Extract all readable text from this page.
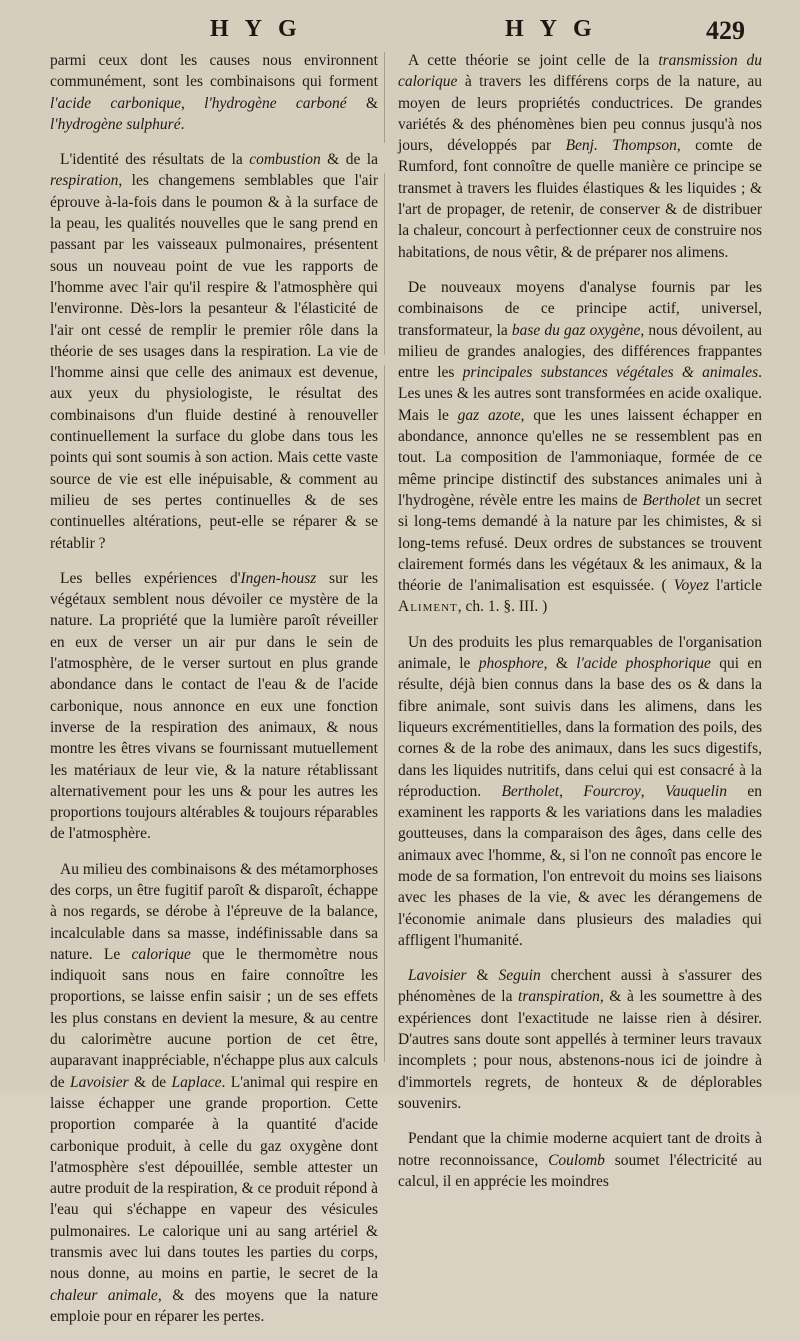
HYG	HYG	429

parmi ceux dont les causes nous environnent communément, sont les combinaisons qui forment l'acide carbonique, l'hydrogène carboné & l'hydrogène sulphuré.

L'identité des résultats de la combustion & de la respiration, les changemens semblables que l'air éprouve à-la-fois dans le poumon & à la surface de la peau, les qualités nouvelles que le sang prend en passant par les vaisseaux pulmonaires, présentent sous un nouveau point de vue les rapports de l'homme avec l'air qu'il respire & l'atmosphère qui l'environne. Dès-lors la pesanteur & l'élasticité de l'air ont cessé de remplir le premier rôle dans la théorie de ses usages dans la respiration. La vie de l'homme ainsi que celle des animaux est devenue, aux yeux du physiologiste, le résultat des combinaisons d'un fluide destiné à renouveller continuellement la surface du globe dans tous les points qui sont soumis à son action. Mais cette vaste source de vie est elle inépuisable, & comment au milieu de ses pertes continuelles & de ses continuelles altérations, peut-elle se réparer & se rétablir ?

Les belles expériences d'Ingen-housz sur les végétaux semblent nous dévoiler ce mystère de la nature. La propriété que la lumière paroît réveiller en eux de verser un air pur dans le sein de l'atmosphère, de le verser surtout en plus grande abondance dans le contact de l'eau & de l'acide carbonique, nous annonce en eux une fonction inverse de la respiration des animaux, & nous montre les êtres vivans se fournissant mutuellement les matériaux de leur vie, & la nature rétablissant alternativement pour les uns & pour les autres les proportions toujours altérables & toujours réparables de l'atmosphère.

Au milieu des combinaisons & des métamorphoses des corps, un être fugitif paroît & disparoît, échappe à nos regards, se dérobe à l'épreuve de la balance, incalculable dans sa masse, indéfinissable dans sa nature. Le calorique que le thermomètre nous indiquoit sans nous en faire connoître les proportions, se laisse enfin saisir ; un de ses effets les plus constans en devient la mesure, & au centre du calorimètre aucune portion de cet être, auparavant inappréciable, n'échappe plus aux calculs de Lavoisier & de Laplace. L'animal qui respire en laisse échapper une grande proportion. Cette proportion comparée à la quantité d'acide carbonique produit, à celle du gaz oxygène dont l'atmosphère s'est dépouillée, semble attester un autre produit de la respiration, & ce produit répond à l'eau qui s'échappe en vapeur des vésicules pulmonaires. Le calorique uni au sang artériel & transmis avec lui dans toutes les parties du corps, nous donne, au moins en partie, le secret de la chaleur animale, & des moyens que la nature emploie pour en réparer les pertes.

A cette théorie se joint celle de la transmission du calorique à travers les différens corps de la nature, au moyen de leurs propriétés conductrices. De grandes variétés & des phénomènes bien peu connus jusqu'à nos jours, développés par Benj. Thompson, comte de Rumford, font connoître de quelle manière ce principe se transmet à travers les fluides élastiques & les liquides ; & l'art de propager, de retenir, de conserver & de distribuer la chaleur, concourt à perfectionner ceux de construire nos habitations, de nous vêtir, & de préparer nos alimens.

De nouveaux moyens d'analyse fournis par les combinaisons de ce principe actif, universel, transformateur, la base du gaz oxygène, nous dévoilent, au milieu de grandes analogies, des différences frappantes entre les principales substances végétales & animales. Les unes & les autres sont transformées en acide oxalique. Mais le gaz azote, que les unes laissent échapper en abondance, annonce qu'elles ne se ressemblent pas en tout. La composition de l'ammoniaque, formée de ce même principe distinctif des substances animales uni à l'hydrogène, révèle entre les mains de Bertholet un secret si long-tems demandé à la nature par les chimistes, & si long-tems refusé. Deux ordres de substances se trouvent clairement formés dans les végétaux & les animaux, & la théorie de l'animalisation est esquissée. ( Voyez l'article Aliment, ch. 1. §. III. )

Un des produits les plus remarquables de l'organisation animale, le phosphore, & l'acide phosphorique qui en résulte, déjà bien connus dans la base des os & dans la fibre animale, sont suivis dans les alimens, dans les liqueurs excrémentitielles, dans la formation des poils, des cornes & de la robe des animaux, dans les sucs digestifs, dans les liquides nutritifs, dans celui qui est consacré à la réproduction. Bertholet, Fourcroy, Vauquelin en examinent les rapports & les variations dans les maladies goutteuses, dans la comparaison des âges, dans celle des animaux avec l'homme, &, si l'on ne connoît pas encore le mode de sa formation, l'on entrevoit du moins ses liaisons avec les phases de la vie, & avec les dérangemens de l'économie animale dans plusieurs des maladies qui affligent l'humanité.

Lavoisier & Seguin cherchent aussi à s'assurer des phénomènes de la transpiration, & à les soumettre à des expériences dont l'exactitude ne laisse rien à désirer. D'autres sans doute sont appellés à terminer leurs travaux incomplets ; pour nous, abstenons-nous ici de joindre à d'immortels regrets, de honteux & de déplorables souvenirs.

Pendant que la chimie moderne acquiert tant de droits à notre reconnoissance, Coulomb soumet l'électricité au calcul, il en apprécie les moindres
